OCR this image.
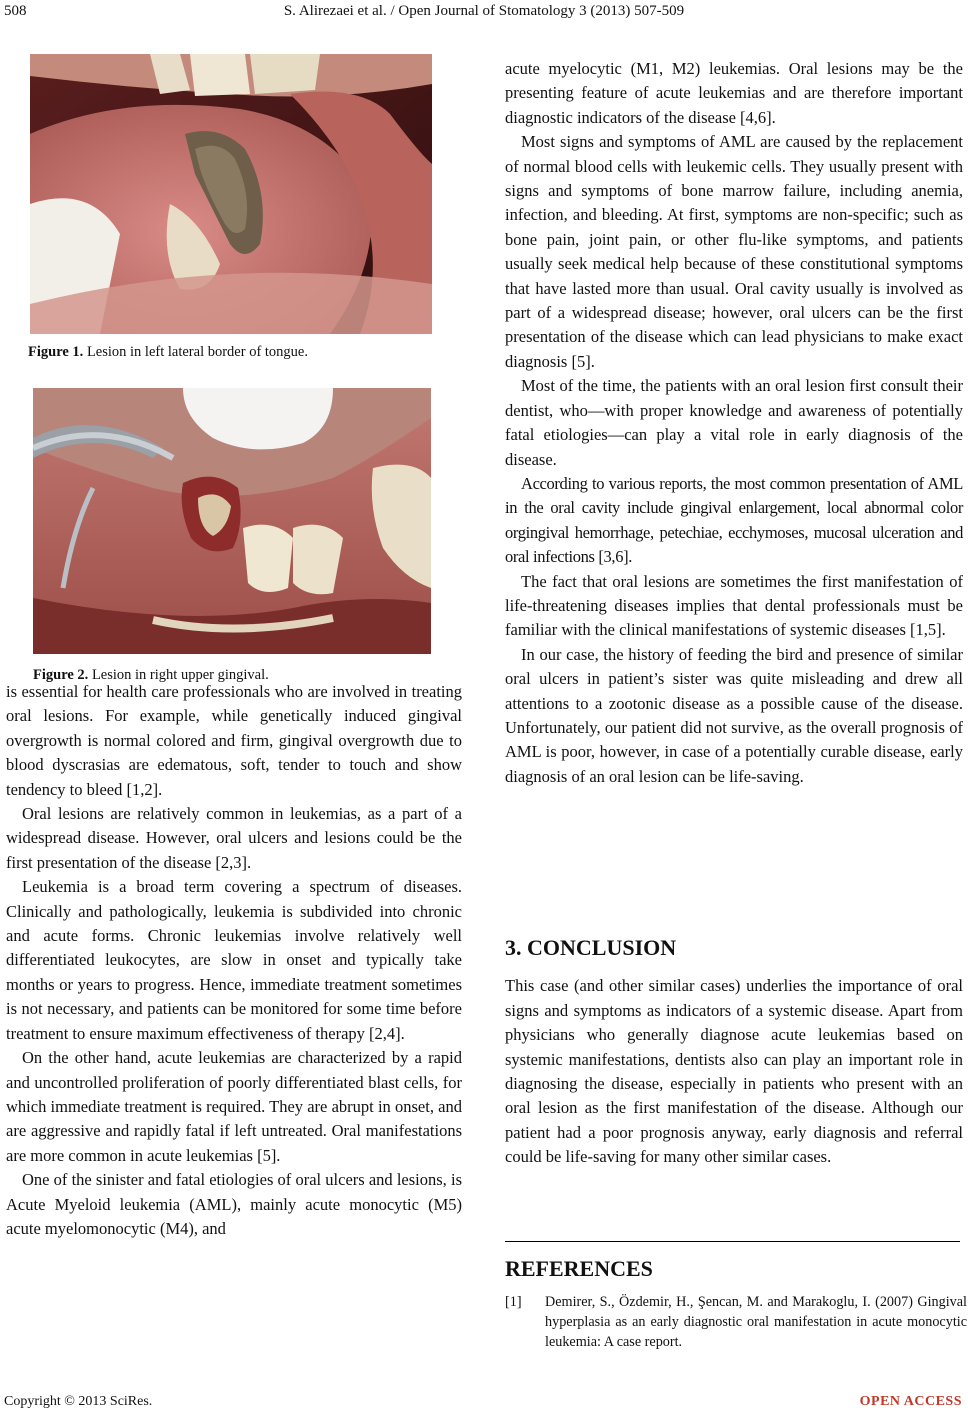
508	S. Alirezaei et al. / Open Journal of Stomatology 3 (2013) 507-509
Figure 1. Lesion in left lateral border of tongue.
Figure 2. Lesion in right upper gingival.

is essential for health care professionals who are involved in treating oral lesions. For example, while genetically induced gingival overgrowth is normal colored and firm, gingival overgrowth due to blood dyscrasias are edematous, soft, tender to touch and show tendency to bleed [1,2].

Oral lesions are relatively common in leukemias, as a part of a widespread disease. However, oral ulcers and lesions could be the first presentation of the disease [2,3].

Leukemia is a broad term covering a spectrum of diseases. Clinically and pathologically, leukemia is subdivided into chronic and acute forms. Chronic leukemias involve relatively well differentiated leukocytes, are slow in onset and typically take months or years to progress. Hence, immediate treatment sometimes is not necessary, and patients can be monitored for some time before treatment to ensure maximum effectiveness of therapy [2,4].

On the other hand, acute leukemias are characterized by a rapid and uncontrolled proliferation of poorly differentiated blast cells, for which immediate treatment is required. They are abrupt in onset, and are aggressive and rapidly fatal if left untreated. Oral manifestations are more common in acute leukemias [5].

One of the sinister and fatal etiologies of oral ulcers and lesions, is Acute Myeloid leukemia (AML), mainly acute monocytic (M5) acute myelomonocytic (M4), and

acute myelocytic (M1, M2) leukemias. Oral lesions may be the presenting feature of acute leukemias and are therefore important diagnostic indicators of the disease [4,6].

Most signs and symptoms of AML are caused by the replacement of normal blood cells with leukemic cells. They usually present with signs and symptoms of bone marrow failure, including anemia, infection, and bleeding. At first, symptoms are non-specific; such as bone pain, joint pain, or other flu-like symptoms, and patients usually seek medical help because of these constitutional symptoms that have lasted more than usual. Oral cavity usually is involved as part of a widespread disease; however, oral ulcers can be the first presentation of the disease which can lead physicians to make exact diagnosis [5].

Most of the time, the patients with an oral lesion first consult their dentist, who—with proper knowledge and awareness of potentially fatal etiologies—can play a vital role in early diagnosis of the disease.

According to various reports, the most common presentation of AML in the oral cavity include gingival enlargement, local abnormal color orgingival hemorrhage, petechiae, ecchymoses, mucosal ulceration and oral infections [3,6].

The fact that oral lesions are sometimes the first manifestation of life-threatening diseases implies that dental professionals must be familiar with the clinical manifestations of systemic diseases [1,5].

In our case, the history of feeding the bird and presence of similar oral ulcers in patient’s sister was quite misleading and drew all attentions to a zootonic disease as a possible cause of the disease. Unfortunately, our patient did not survive, as the overall prognosis of AML is poor, however, in case of a potentially curable disease, early diagnosis of an oral lesion can be life-saving.

3. CONCLUSION

This case (and other similar cases) underlies the importance of oral signs and symptoms as indicators of a systemic disease. Apart from physicians who generally diagnose acute leukemias based on systemic manifestations, dentists also can play an important role in diagnosing the disease, especially in patients who present with an oral lesion as the first manifestation of the disease. Although our patient had a poor prognosis anyway, early diagnosis and referral could be life-saving for many other similar cases.

REFERENCES
[1] Demirer, S., Özdemir, H., Şencan, M. and Marakoglu, I. (2007) Gingival hyperplasia as an early diagnostic oral manifestation in acute monocytic leukemia: A case report.
Copyright © 2013 SciRes.	OPEN ACCESS
